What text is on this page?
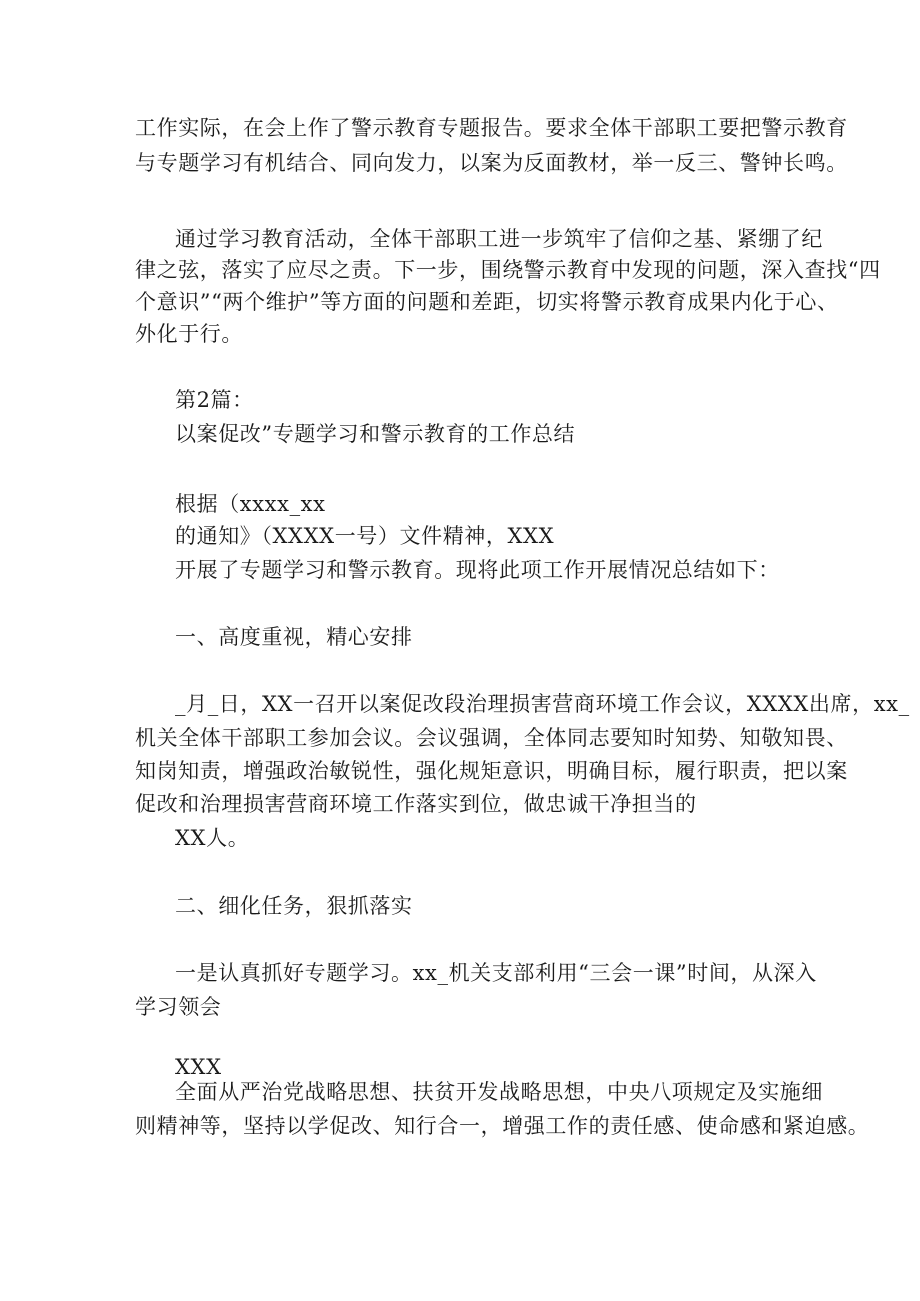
工作实际，在会上作了警示教育专题报告。要求全体干部职工要把警示教育
与专题学习有机结合、同向发力，以案为反面教材，举一反三、警钟长鸣。
通过学习教育活动，全体干部职工进一步筑牢了信仰之基、紧绷了纪
律之弦，落实了应尽之责。下一步，围绕警示教育中发现的问题，深入查找“四
个意识”“两个维护”等方面的问题和差距，切实将警示教育成果内化于心、
外化于行。
第2篇：
以案促改”专题学习和警示教育的工作总结
根据（xxxx_xx
的通知》（XXXX一号）文件精神，XXX
开展了专题学习和警示教育。现将此项工作开展情况总结如下：
一、高度重视，精心安排
_月_日，XX一召开以案促改段治理损害营商环境工作会议，XXXX出席，xx_
机关全体干部职工参加会议。会议强调，全体同志要知时知势、知敬知畏、
知岗知责，增强政治敏锐性，强化规矩意识，明确目标，履行职责，把以案
促改和治理损害营商环境工作落实到位，做忠诚干净担当的
XX人。
二、细化任务，狠抓落实
一是认真抓好专题学习。xx_机关支部利用“三会一课”时间，从深入
学习领会
XXX
全面从严治党战略思想、扶贫开发战略思想，中央八项规定及实施细
则精神等，坚持以学促改、知行合一，增强工作的责任感、使命感和紧迫感。
